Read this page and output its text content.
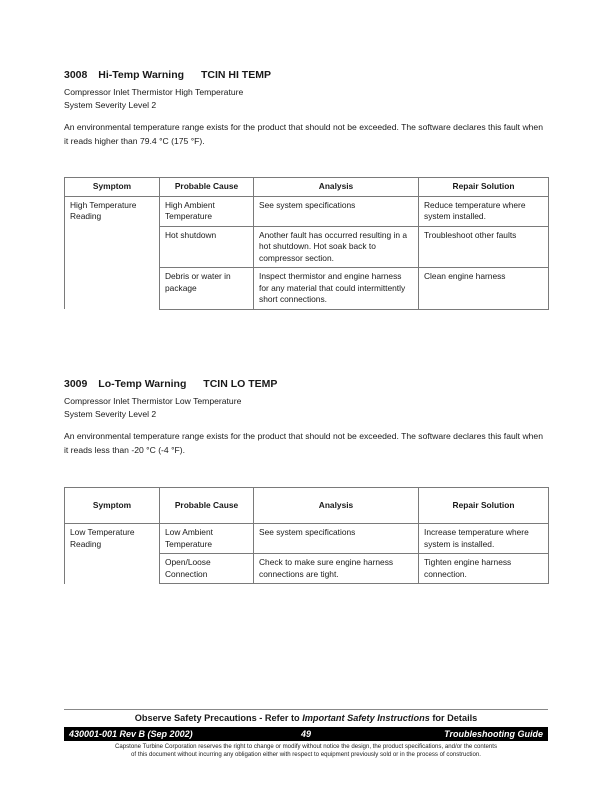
3008 Hi-Temp Warning TCIN HI TEMP

Compressor Inlet Thermistor High Temperature

System Severity Level 2

An environmental temperature range exists for the product that should not be exceeded. The software declares this fault when it reads higher than 79.4 °C (175 °F).

Symptom	Probable Cause	Analysis	Repair Solution
High Temperature Reading	High Ambient Temperature	See system specifications	Reduce temperature where system installed.
	Hot shutdown	Another fault has occurred resulting in a hot shutdown. Hot soak back to compressor section.	Troubleshoot other faults
	Debris or water in package	Inspect thermistor and engine harness for any material that could intermittently short connections.	Clean engine harness

3009 Lo-Temp Warning TCIN LO TEMP

Compressor Inlet Thermistor Low Temperature

System Severity Level 2

An environmental temperature range exists for the product that should not be exceeded. The software declares this fault when it reads less than -20 °C (-4 °F).

Symptom	Probable Cause	Analysis	Repair Solution
Low Temperature Reading	Low Ambient Temperature	See system specifications	Increase temperature where system is installed.
	Open/Loose Connection	Check to make sure engine harness connections are tight.	Tighten engine harness connection.
Observe Safety Precautions - Refer to Important Safety Instructions for Details
49
430001-001 Rev B (Sep 2002)	Troubleshooting Guide
Capstone Turbine Corporation reserves the right to change or modify without notice the design, the product specifications, and/or the contents
of this document without incurring any obligation either with respect to equipment previously sold or in the process of construction.
